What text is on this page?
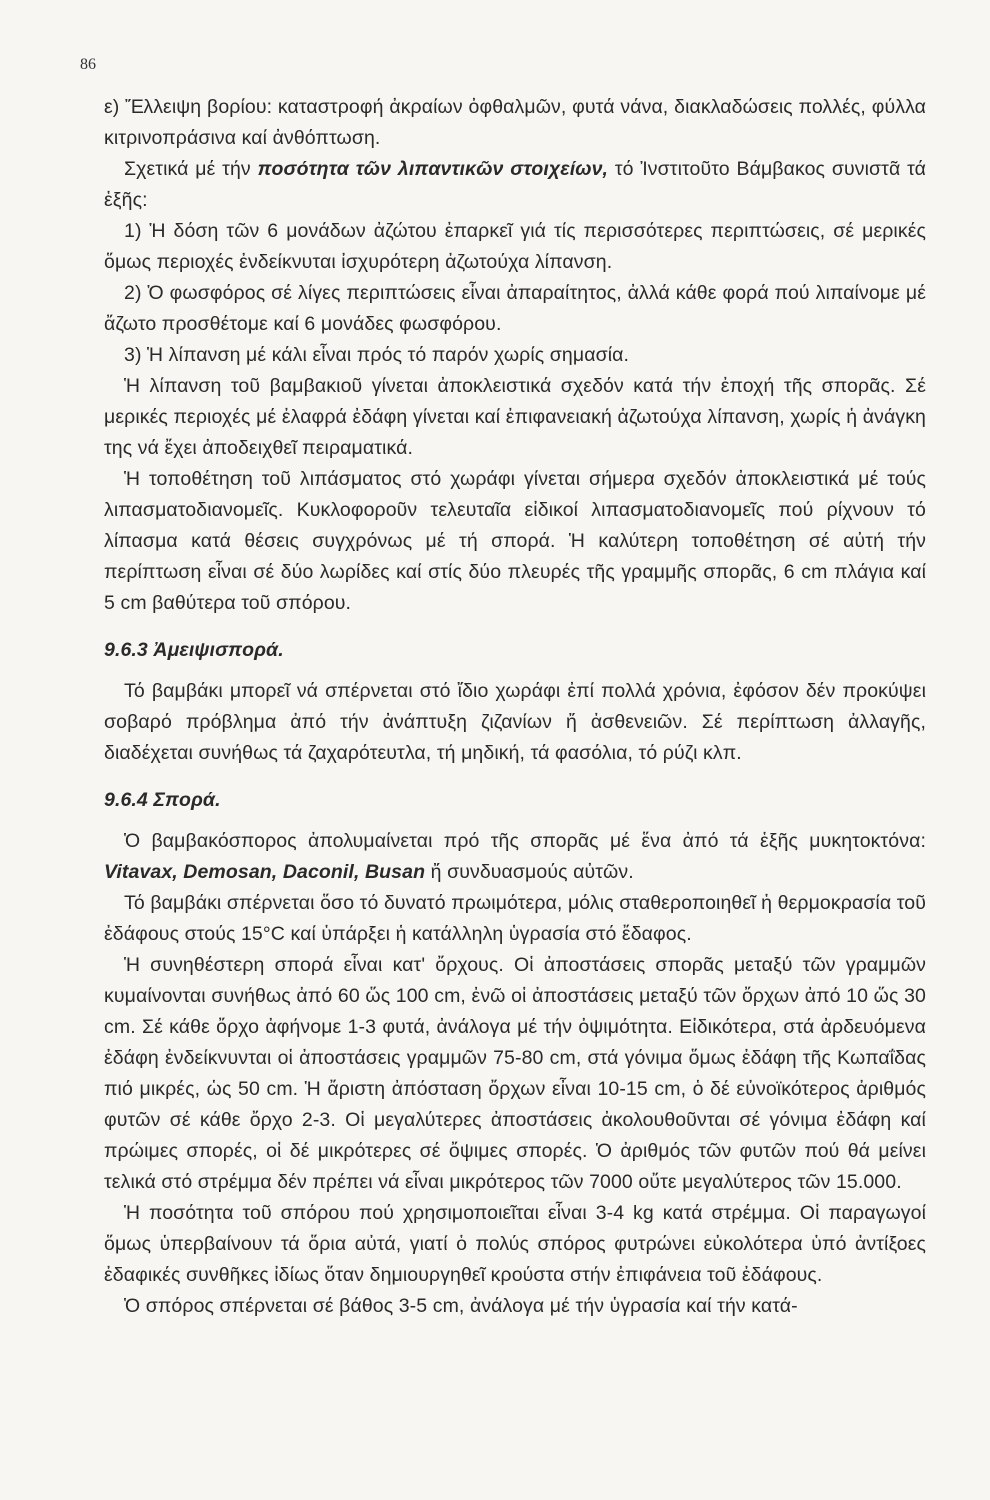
86

ε) Ἔλλειψη βορίου: καταστροφή ἀκραίων ὀφθαλμῶν, φυτά νάνα, διακλαδώσεις πολλές, φύλλα κιτρινοπράσινα καί ἀνθόπτωση.

Σχετικά μέ τήν ποσότητα τῶν λιπαντικῶν στοιχείων, τό Ἰνστιτοῦτο Βάμβακος συνιστᾶ τά ἑξῆς:

1) Ἡ δόση τῶν 6 μονάδων ἀζώτου ἐπαρκεῖ γιά τίς περισσότερες περιπτώσεις, σέ μερικές ὅμως περιοχές ἐνδείκνυται ἰσχυρότερη ἀζωτούχα λίπανση.

2) Ὁ φωσφόρος σέ λίγες περιπτώσεις εἶναι ἀπαραίτητος, ἀλλά κάθε φορά πού λιπαίνομε μέ ἄζωτο προσθέτομε καί 6 μονάδες φωσφόρου.

3) Ἡ λίπανση μέ κάλι εἶναι πρός τό παρόν χωρίς σημασία.

Ἡ λίπανση τοῦ βαμβακιοῦ γίνεται ἀποκλειστικά σχεδόν κατά τήν ἐποχή τῆς σπορᾶς. Σέ μερικές περιοχές μέ ἐλαφρά ἐδάφη γίνεται καί ἐπιφανειακή ἀζωτούχα λίπανση, χωρίς ἡ ἀνάγκη της νά ἔχει ἀποδειχθεῖ πειραματικά.

Ἡ τοποθέτηση τοῦ λιπάσματος στό χωράφι γίνεται σήμερα σχεδόν ἀποκλειστικά μέ τούς λιπασματοδιανομεῖς. Κυκλοφοροῦν τελευταῖα εἰδικοί λιπασματοδιανομεῖς πού ρίχνουν τό λίπασμα κατά θέσεις συγχρόνως μέ τή σπορά. Ἡ καλύτερη τοποθέτηση σέ αὐτή τήν περίπτωση εἶναι σέ δύο λωρίδες καί στίς δύο πλευρές τῆς γραμμῆς σπορᾶς, 6 cm πλάγια καί 5 cm βαθύτερα τοῦ σπόρου.

9.6.3 Ἀμειψισπορά.

Τό βαμβάκι μπορεῖ νά σπέρνεται στό ἴδιο χωράφι ἐπί πολλά χρόνια, ἐφόσον δέν προκύψει σοβαρό πρόβλημα ἀπό τήν ἀνάπτυξη ζιζανίων ἤ ἀσθενειῶν. Σέ περίπτωση ἀλλαγῆς, διαδέχεται συνήθως τά ζαχαρότευτλα, τή μηδική, τά φασόλια, τό ρύζι κλπ.

9.6.4 Σπορά.

Ὁ βαμβακόσπορος ἀπολυμαίνεται πρό τῆς σπορᾶς μέ ἕνα ἀπό τά ἑξῆς μυκητοκτόνα: Vitavax, Demosan, Daconil, Busan ἤ συνδυασμούς αὐτῶν.

Τό βαμβάκι σπέρνεται ὅσο τό δυνατό πρωιμότερα, μόλις σταθεροποιηθεῖ ἡ θερμοκρασία τοῦ ἐδάφους στούς 15°C καί ὑπάρξει ἡ κατάλληλη ὑγρασία στό ἔδαφος.

Ἡ συνηθέστερη σπορά εἶναι κατ' ὄρχους. Οἱ ἀποστάσεις σπορᾶς μεταξύ τῶν γραμμῶν κυμαίνονται συνήθως ἀπό 60 ὥς 100 cm, ἐνῶ οἱ ἀποστάσεις μεταξύ τῶν ὄρχων ἀπό 10 ὥς 30 cm. Σέ κάθε ὄρχο ἀφήνομε 1-3 φυτά, ἀνάλογα μέ τήν ὀψιμότητα. Εἰδικότερα, στά ἀρδευόμενα ἐδάφη ἐνδείκνυνται οἱ ἀποστάσεις γραμμῶν 75-80 cm, στά γόνιμα ὅμως ἐδάφη τῆς Κωπαΐδας πιό μικρές, ὡς 50 cm. Ἡ ἄριστη ἀπόσταση ὄρχων εἶναι 10-15 cm, ὁ δέ εὐνοϊκότερος ἀριθμός φυτῶν σέ κάθε ὄρχο 2-3. Οἱ μεγαλύτερες ἀποστάσεις ἀκολουθοῦνται σέ γόνιμα ἐδάφη καί πρώιμες σπορές, οἱ δέ μικρότερες σέ ὄψιμες σπορές. Ὁ ἀριθμός τῶν φυτῶν πού θά μείνει τελικά στό στρέμμα δέν πρέπει νά εἶναι μικρότερος τῶν 7000 οὔτε μεγαλύτερος τῶν 15.000.

Ἡ ποσότητα τοῦ σπόρου πού χρησιμοποιεῖται εἶναι 3-4 kg κατά στρέμμα. Οἱ παραγωγοί ὅμως ὑπερβαίνουν τά ὅρια αὐτά, γιατί ὁ πολύς σπόρος φυτρώνει εὐκολότερα ὑπό ἀντίξοες ἐδαφικές συνθῆκες ἰδίως ὅταν δημιουργηθεῖ κρούστα στήν ἐπιφάνεια τοῦ ἐδάφους.

Ὁ σπόρος σπέρνεται σέ βάθος 3-5 cm, ἀνάλογα μέ τήν ὑγρασία καί τήν κατά-
